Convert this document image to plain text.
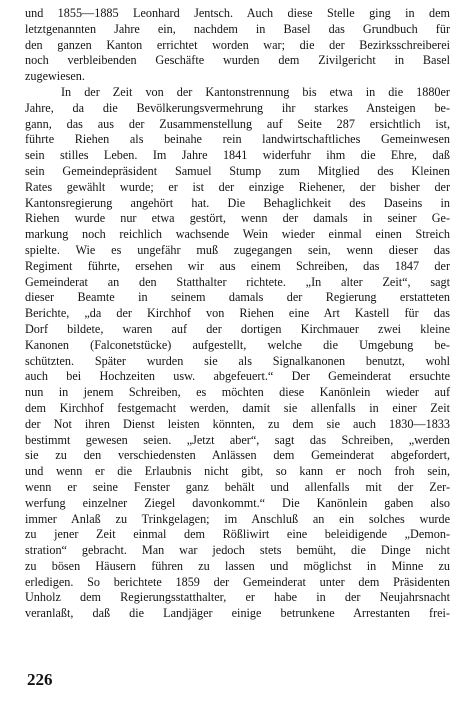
und 1855—1885 Leonhard Jentsch. Auch diese Stelle ging in dem
letztgenannten Jahre ein, nachdem in Basel das Grundbuch für
den ganzen Kanton errichtet worden war; die der Bezirksschreiberei
noch verbleibenden Geschäfte wurden dem Zivilgericht in Basel
zugewiesen.
In der Zeit von der Kantonstrennung bis etwa in die 1880er
Jahre, da die Bevölkerungsvermehrung ihr starkes Ansteigen be-
gann, das aus der Zusammenstellung auf Seite 287 ersichtlich ist,
führte Riehen als beinahe rein landwirtschaftliches Gemeinwesen
sein stilles Leben. Im Jahre 1841 widerfuhr ihm die Ehre, daß
sein Gemeindepräsident Samuel Stump zum Mitglied des Kleinen
Rates gewählt wurde; er ist der einzige Riehener, der bisher der
Kantonsregierung angehört hat. Die Behaglichkeit des Daseins in
Riehen wurde nur etwa gestört, wenn der damals in seiner Ge-
markung noch reichlich wachsende Wein wieder einmal einen Streich
spielte. Wie es ungefähr muß zugegangen sein, wenn dieser das
Regiment führte, ersehen wir aus einem Schreiben, das 1847 der
Gemeinderat an den Statthalter richtete. „In alter Zeit“, sagt
dieser Beamte in seinem damals der Regierung erstatteten
Berichte, „da der Kirchhof von Riehen eine Art Kastell für das
Dorf bildete, waren auf der dortigen Kirchmauer zwei kleine
Kanonen (Falconetstücke) aufgestellt, welche die Umgebung be-
schützten. Später wurden sie als Signalkanonen benutzt, wohl
auch bei Hochzeiten usw. abgefeuert.“ Der Gemeinderat ersuchte
nun in jenem Schreiben, es möchten diese Kanönlein wieder auf
dem Kirchhof festgemacht werden, damit sie allenfalls in einer Zeit
der Not ihren Dienst leisten könnten, zu dem sie auch 1830—1833
bestimmt gewesen seien. „Jetzt aber“, sagt das Schreiben, „werden
sie zu den verschiedensten Anlässen dem Gemeinderat abgefordert,
und wenn er die Erlaubnis nicht gibt, so kann er noch froh sein,
wenn er seine Fenster ganz behält und allenfalls mit der Zer-
werfung einzelner Ziegel davonkommt.“ Die Kanönlein gaben also
immer Anlaß zu Trinkgelagen; im Anschluß an ein solches wurde
zu jener Zeit einmal dem Rößliwirt eine beleidigende „Demon-
stration“ gebracht. Man war jedoch stets bemüht, die Dinge nicht
zu bösen Häusern führen zu lassen und möglichst in Minne zu
erledigen. So berichtete 1859 der Gemeinderat unter dem Präsidenten
Unholz dem Regierungsstatthalter, er habe in der Neujahrsnacht
veranlaßt, daß die Landjäger einige betrunkene Arrestanten frei-
226
